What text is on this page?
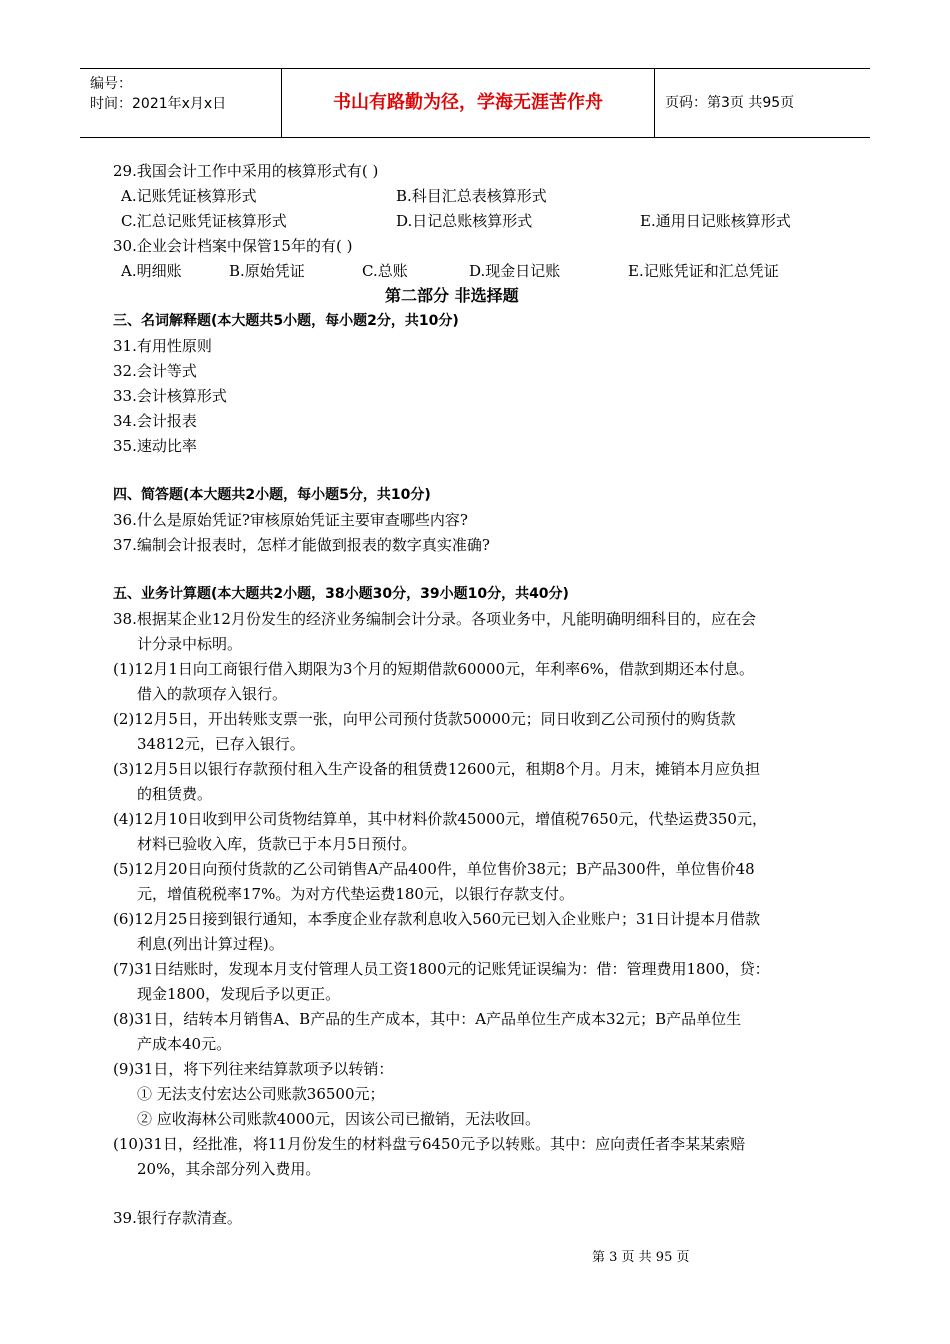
编号：
时间：2021年x月x日	书山有路勤为径，学海无涯苦作舟	页码：第3页 共95页
29.我国会计工作中采用的核算形式有( )
A.记账凭证核算形式	B.科目汇总表核算形式
C.汇总记账凭证核算形式	D.日记总账核算形式	E.通用日记账核算形式
30.企业会计档案中保管15年的有( )
A.明细账	B.原始凭证	C.总账	D.现金日记账	E.记账凭证和汇总凭证
第二部分 非选择题
三、名词解释题(本大题共5小题，每小题2分，共10分)
31.有用性原则
32.会计等式
33.会计核算形式
34.会计报表
35.速动比率
四、简答题(本大题共2小题，每小题5分，共10分)
36.什么是原始凭证?审核原始凭证主要审查哪些内容?
37.编制会计报表时，怎样才能做到报表的数字真实准确?
五、业务计算题(本大题共2小题，38小题30分，39小题10分，共40分)
38.根据某企业12月份发生的经济业务编制会计分录。各项业务中，凡能明确明细科目的，应在会
计分录中标明。
(1)12月1日向工商银行借入期限为3个月的短期借款60000元，年利率6%，借款到期还本付息。
借入的款项存入银行。
(2)12月5日，开出转账支票一张，向甲公司预付货款50000元；同日收到乙公司预付的购货款
34812元，已存入银行。
(3)12月5日以银行存款预付租入生产设备的租赁费12600元，租期8个月。月末，摊销本月应负担
的租赁费。
(4)12月10日收到甲公司货物结算单，其中材料价款45000元，增值税7650元，代垫运费350元，
材料已验收入库，货款已于本月5日预付。
(5)12月20日向预付货款的乙公司销售A产品400件，单位售价38元；B产品300件，单位售价48
元，增值税税率17%。为对方代垫运费180元，以银行存款支付。
(6)12月25日接到银行通知，本季度企业存款利息收入560元已划入企业账户；31日计提本月借款
利息(列出计算过程)。
(7)31日结账时，发现本月支付管理人员工资1800元的记账凭证误编为：借：管理费用1800，贷：
现金1800，发现后予以更正。
(8)31日，结转本月销售A、B产品的生产成本，其中：A产品单位生产成本32元；B产品单位生
产成本40元。
(9)31日，将下列往来结算款项予以转销：
① 无法支付宏达公司账款36500元；
② 应收海林公司账款4000元，因该公司已撤销，无法收回。
(10)31日，经批准，将11月份发生的材料盘亏6450元予以转账。其中：应向责任者李某某索赔
20%，其余部分列入费用。
39.银行存款清查。
第 3 页 共 95 页
